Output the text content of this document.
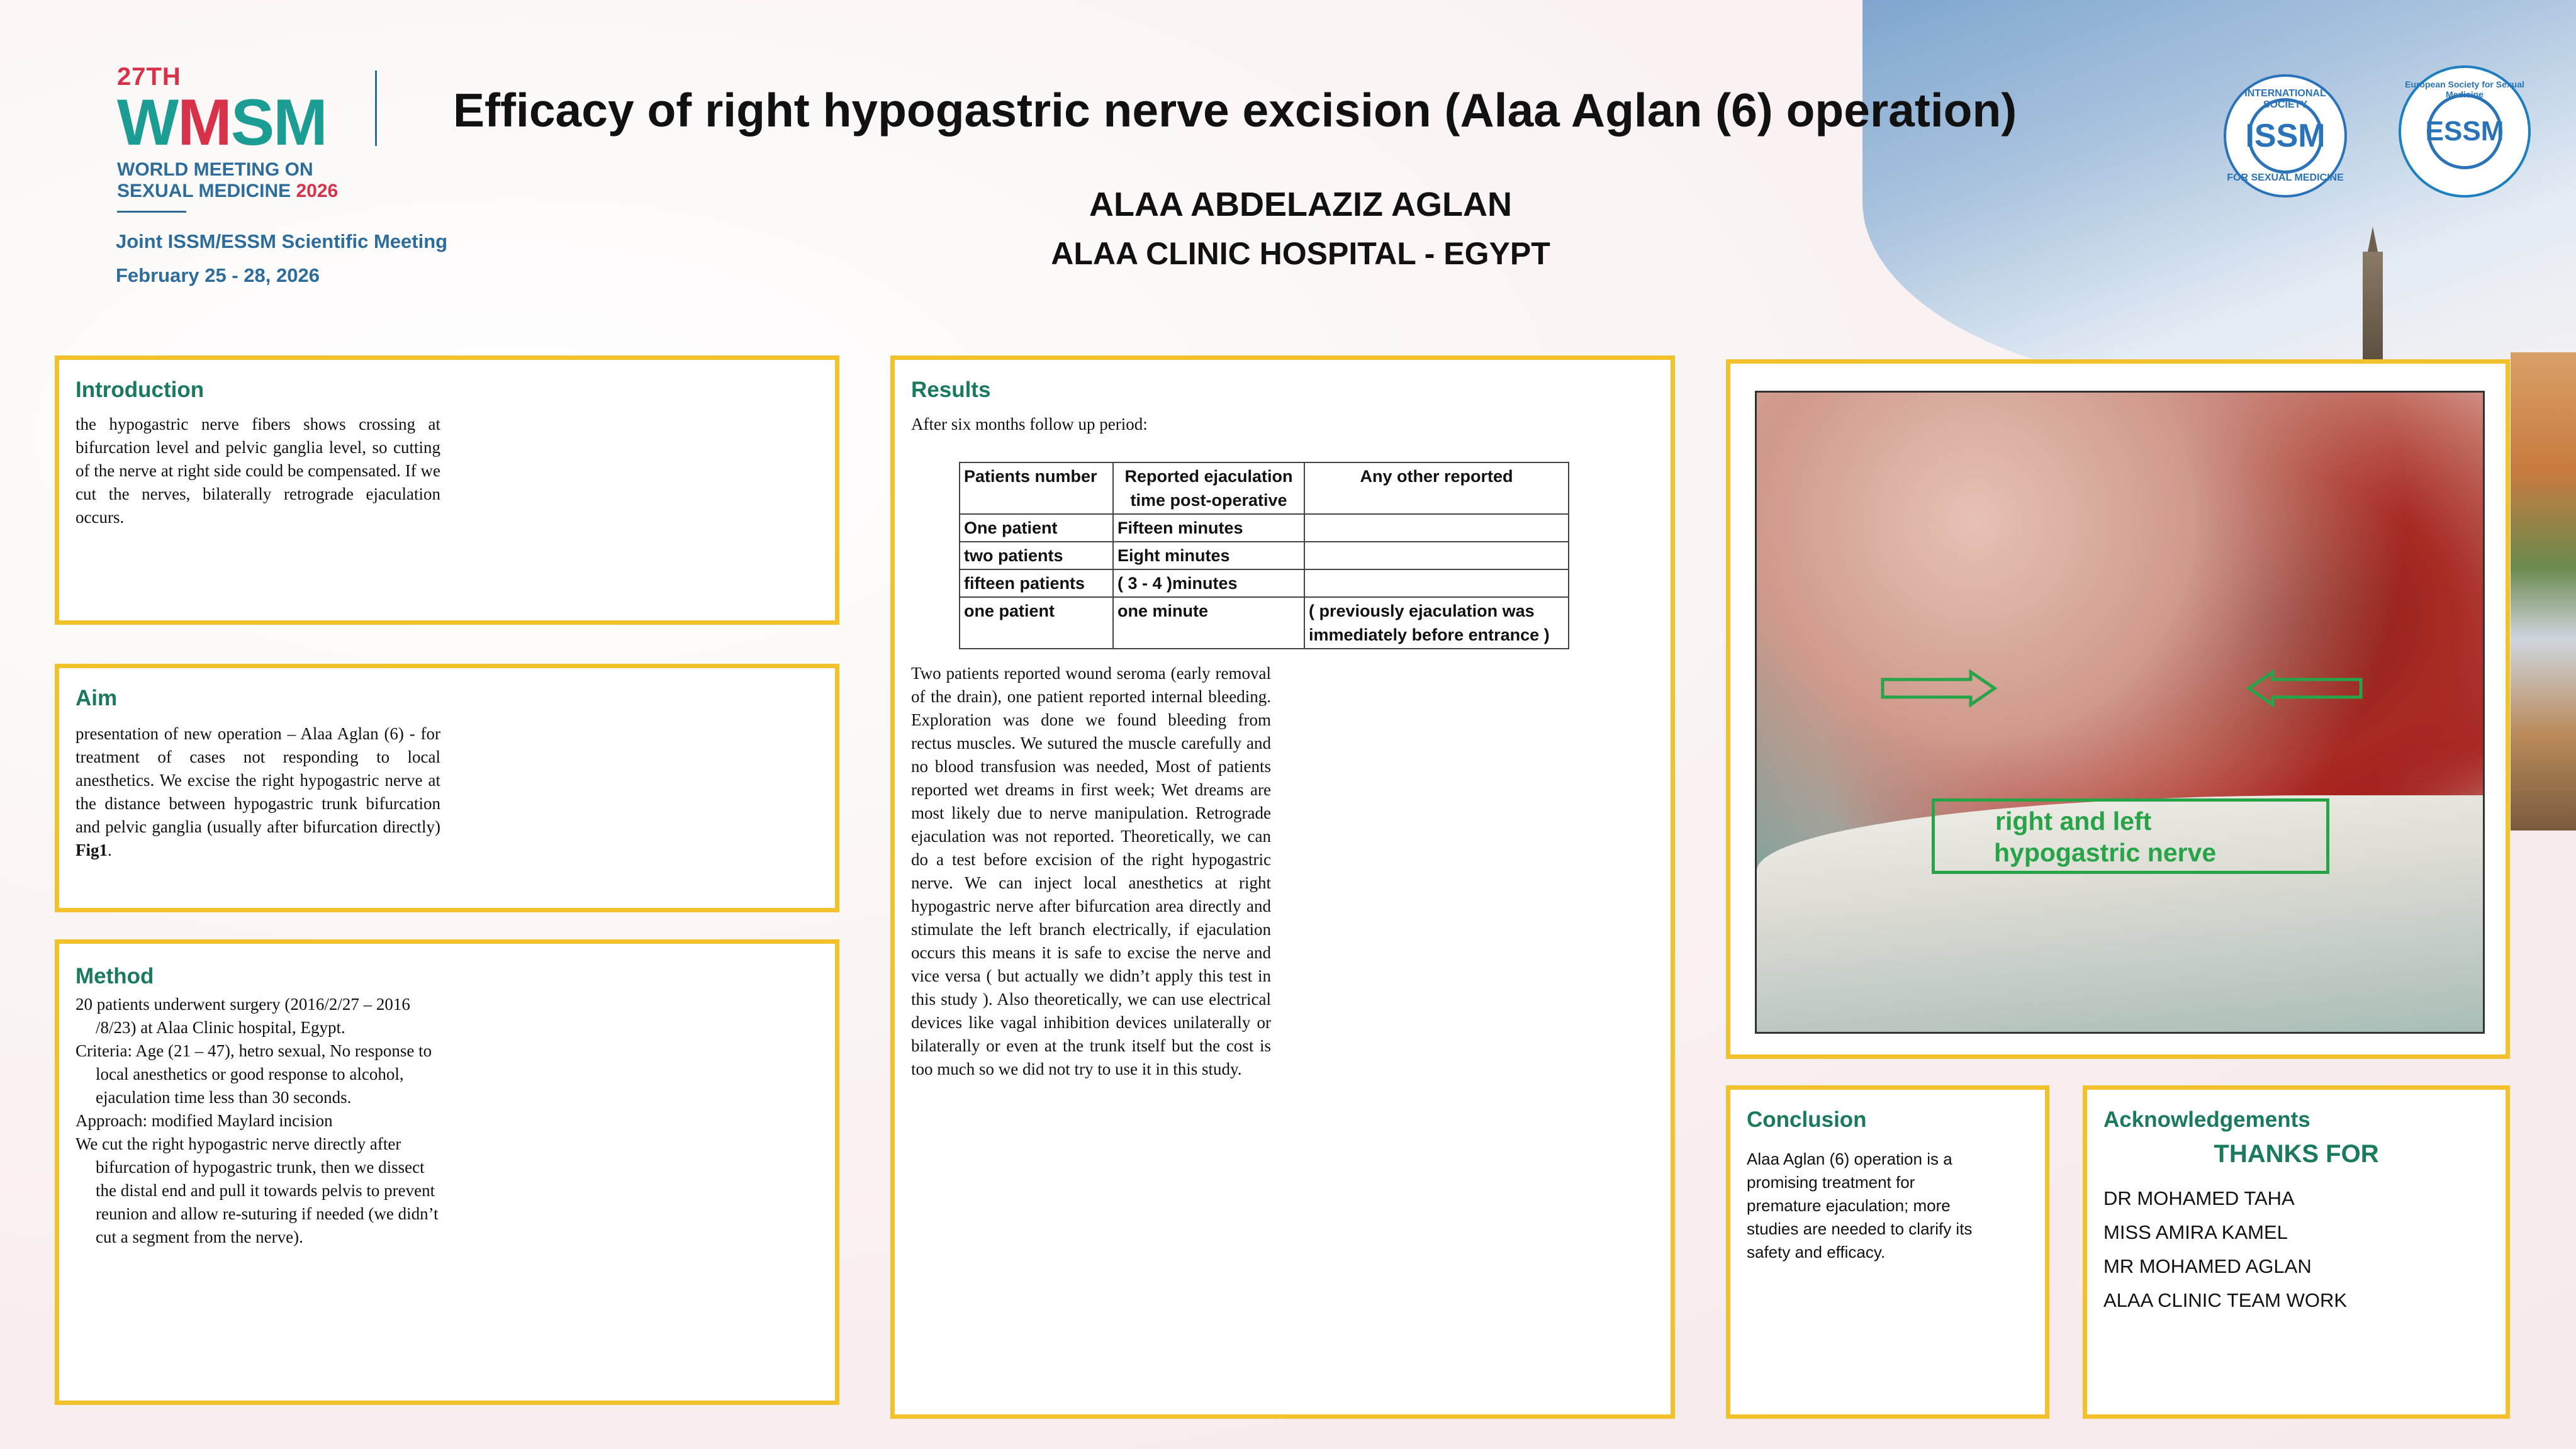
27TH
WMSM
WORLD MEETING ON
SEXUAL MEDICINE 2026
Joint ISSM/ESSM Scientific Meeting
February 25 - 28, 2026
Efficacy of right hypogastric nerve excision (Alaa Aglan (6) operation)
ALAA ABDELAZIZ AGLAN
ALAA CLINIC HOSPITAL - EGYPT
INTERNATIONAL SOCIETY
ISSM
FOR SEXUAL MEDICINE
European Society for Sexual Medicine
ESSM
Introduction
the hypogastric nerve fibers shows crossing at bifurcation level and pelvic ganglia level, so cutting of the nerve at right side could be compensated. If we cut the nerves, bilaterally retrograde ejaculation occurs.
Aim
presentation of new operation – Alaa Aglan (6) - for treatment of cases not responding to local anesthetics. We excise the right hypogastric nerve at the distance between hypogastric trunk bifurcation and pelvic ganglia (usually after bifurcation directly) Fig1.
Method

20 patients underwent surgery (2016/2/27 – 2016 /8/23) at Alaa Clinic hospital, Egypt.

Criteria: Age (21 – 47), hetro sexual, No response to local anesthetics or good response to alcohol, ejaculation time less than 30 seconds.

Approach: modified Maylard incision

We cut the right hypogastric nerve directly after bifurcation of hypogastric trunk, then we dissect the distal end and pull it towards pelvis to prevent reunion and allow re-suturing if needed (we didn’t cut a segment from the nerve).

Results
After six months follow up period:
Patients number	Reported ejaculation time post-operative	Any other reported
One patient	Fifteen minutes	
two patients	Eight minutes	
fifteen patients	( 3 - 4 )minutes	
one patient	one minute	( previously ejaculation was immediately before entrance )
Two patients reported wound seroma (early removal of the drain), one patient reported internal bleeding. Exploration was done we found bleeding from rectus muscles. We sutured the muscle carefully and no blood transfusion was needed, Most of patients reported wet dreams in first week; Wet dreams are most likely due to nerve manipulation. Retrograde ejaculation was not reported. Theoretically, we can do a test before excision of the right hypogastric nerve. We can inject local anesthetics at right hypogastric nerve after bifurcation area directly and stimulate the left branch electrically, if ejaculation occurs this means it is safe to excise the nerve and vice versa ( but actually we didn’t apply this test in this study ). Also theoretically, we can use electrical devices like vagal inhibition devices unilaterally or bilaterally or even at the trunk itself but the cost is too much so we did not try to use it in this study.
right and left
hypogastric nerve
Conclusion
Alaa Aglan (6) operation is a promising treatment for premature ejaculation; more studies are needed to clarify its safety and efficacy.
Acknowledgements
THANKS FOR
DR MOHAMED TAHA
MISS AMIRA KAMEL
MR MOHAMED AGLAN
ALAA CLINIC TEAM WORK
